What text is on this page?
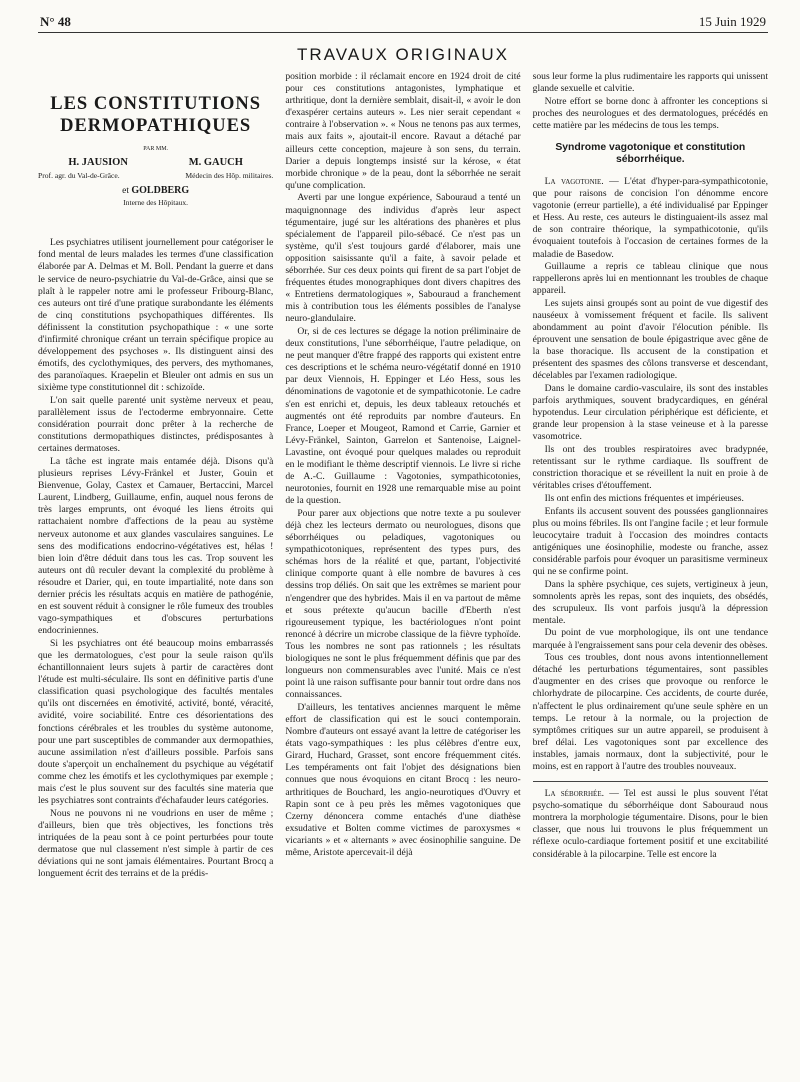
N° 48	15 Juin 1929
TRAVAUX ORIGINAUX
LES CONSTITUTIONS
DERMOPATHIQUES
PAR MM.
H. JAUSION	M. GAUCH
Prof. agr. du Val-de-Grâce.	Médecin des Hôp. militaires.
et GOLDBERG
Interne des Hôpitaux.

Les psychiatres utilisent journellement pour catégoriser le fond mental de leurs malades les termes d'une classification élaborée par A. Delmas et M. Boll. Pendant la guerre et dans le service de neuro-psychiatrie du Val-de-Grâce, ainsi que se plaît à le rappeler notre ami le professeur Fribourg-Blanc, ces auteurs ont tiré d'une pratique surabondante les éléments de cinq constitutions psychopathiques différentes. Ils définissent la constitution psychopathique : « une sorte d'infirmité chronique créant un terrain spécifique propice au développement des psychoses ». Ils distinguent ainsi des émotifs, des cyclothymiques, des pervers, des mythomanes, des paranoïaques. Kraepelin et Bleuler ont admis en sus un sixième type constitutionnel dit : schizoïde.

L'on sait quelle parenté unit système nerveux et peau, parallèlement issus de l'ectoderme embryonnaire. Cette considération pourrait donc prêter à la recherche de constitutions dermopathiques distinctes, prédisposantes à certaines dermatoses.

La tâche est ingrate mais entamée déjà. Disons qu'à plusieurs reprises Lévy-Fränkel et Juster, Gouin et Bienvenue, Golay, Castex et Camauer, Bertaccini, Marcel Laurent, Lindberg, Guillaume, enfin, auquel nous ferons de très larges emprunts, ont évoqué les liens étroits qui rattachaient nombre d'affections de la peau au système nerveux autonome et aux glandes vasculaires sanguines. Le sens des modifications endocrino-végétatives est, hélas ! bien loin d'être déduit dans tous les cas. Trop souvent les auteurs ont dû reculer devant la complexité du problème à résoudre et Darier, qui, en toute impartialité, note dans son dernier précis les résultats acquis en matière de pathogénie, en est souvent réduit à consigner le rôle fumeux des troubles vago-sympathiques et d'obscures perturbations endocriniennes.

Si les psychiatres ont été beaucoup moins embarrassés que les dermatologues, c'est pour la seule raison qu'ils échantillonnaient leurs sujets à partir de caractères dont l'étude est multi-séculaire. Ils sont en définitive partis d'une classification quasi psychologique des facultés mentales qu'ils ont discernées en émotivité, activité, bonté, véracité, avidité, voire sociabilité. Entre ces désorientations des fonctions cérébrales et les troubles du système autonome, pour une part susceptibles de commander aux dermopathies, aucune assimilation n'est d'ailleurs possible. Parfois sans doute s'aperçoit un enchaînement du psychique au végétatif comme chez les émotifs et les cyclothymiques par exemple ; mais c'est le plus souvent sur des facultés sine materia que les psychiatres sont contraints d'échafauder leurs catégories.

Nous ne pouvons ni ne voudrions en user de même ; d'ailleurs, bien que très objectives, les fonctions très intriquées de la peau sont à ce point perturbées pour toute dermatose que nul classement n'est simple à partir de ces déviations qui ne sont jamais élémentaires. Pourtant Brocq a longuement écrit des terrains et de la prédis-

position morbide : il réclamait encore en 1924 droit de cité pour ces constitutions antagonistes, lymphatique et arthritique, dont la dernière semblait, disait-il, « avoir le don d'exaspérer certains auteurs ». Les nier serait cependant « contraire à l'observation ». « Nous ne tenons pas aux termes, mais aux faits », ajoutait-il encore. Ravaut a détaché par ailleurs cette conception, majeure à son sens, du terrain. Darier a depuis longtemps insisté sur la kérose, « état morbide chronique » de la peau, dont la séborrhée ne serait qu'une complication.

Averti par une longue expérience, Sabouraud a tenté un maquignonnage des individus d'après leur aspect tégumentaire, jugé sur les altérations des phanères et plus spécialement de l'appareil pilo-sébacé. Ce n'est pas un système, qu'il s'est toujours gardé d'élaborer, mais une opposition saisissante qu'il a faite, à savoir pelade et séborrhée. Sur ces deux points qui firent de sa part l'objet de fréquentes études monographiques dont divers chapitres des « Entretiens dermatologiques », Sabouraud a franchement mis à contribution tous les éléments possibles de l'analyse neuro-glandulaire.

Or, si de ces lectures se dégage la notion préliminaire de deux constitutions, l'une séborrhéique, l'autre peladique, on ne peut manquer d'être frappé des rapports qui existent entre ces descriptions et le schéma neuro-végétatif donné en 1910 par deux Viennois, H. Eppinger et Léo Hess, sous les dénominations de vagotonie et de sympathicotonie. Le cadre s'en est enrichi et, depuis, les deux tableaux retouchés et augmentés ont été reproduits par nombre d'auteurs. En France, Loeper et Mougeot, Ramond et Carrie, Garnier et Lévy-Fränkel, Sainton, Garrelon et Santenoise, Laignel-Lavastine, ont évoqué pour quelques malades ou reproduit en le modifiant le thème descriptif viennois. Le livre si riche de A.-C. Guillaume : Vagotonies, sympathicotonies, neurotonies, fournit en 1928 une remarquable mise au point de la question.

Pour parer aux objections que notre texte a pu soulever déjà chez les lecteurs dermato ou neurologues, disons que séborrhéiques ou peladiques, vagotoniques ou sympathicotoniques, représentent des types purs, des schémas hors de la réalité et que, partant, l'objectivité clinique comporte quant à elle nombre de bavures à ces dessins trop déliés. On sait que les extrêmes se marient pour n'engendrer que des hybrides. Mais il en va partout de même et sous prétexte qu'aucun bacille d'Eberth n'est rigoureusement typique, les bactériologues n'ont point renoncé à décrire un microbe classique de la fièvre typhoïde. Tous les nombres ne sont pas rationnels ; les résultats biologiques ne sont le plus fréquemment définis que par des longueurs non commensurables avec l'unité. Mais ce n'est point là une raison suffisante pour bannir tout ordre dans nos connaissances.

D'ailleurs, les tentatives anciennes marquent le même effort de classification qui est le souci contemporain. Nombre d'auteurs ont essayé avant la lettre de catégoriser les états vago-sympathiques : les plus célèbres d'entre eux, Girard, Huchard, Grasset, sont encore fréquemment cités. Les tempéraments ont fait l'objet des désignations bien connues que nous évoquions en citant Brocq : les neuro-arthritiques de Bouchard, les angio-neurotiques d'Ouvry et Rapin sont ce à peu près les mêmes vagotoniques que Czerny dénoncera comme entachés d'une diathèse exsudative et Bolten comme victimes de paroxysmes « vicariants » et « alternants » avec éosinophilie sanguine. De même, Aristote apercevait-il déjà

sous leur forme la plus rudimentaire les rapports qui unissent glande sexuelle et calvitie.

Notre effort se borne donc à affronter les conceptions si proches des neurologues et des dermatologues, précédés en cette matière par les médecins de tous les temps.

Syndrome vagotonique et constitution
séborrhéique.

La vagotonie. — L'état d'hyper-para-sympathicotonie, que pour raisons de concision l'on dénomme encore vagotonie (erreur partielle), a été individualisé par Eppinger et Hess. Au reste, ces auteurs le distinguaient-ils assez mal de son contraire théorique, la sympathicotonie, qu'ils évoquaient toutefois à l'occasion de certaines formes de la maladie de Basedow.

Guillaume a repris ce tableau clinique que nous rappellerons après lui en mentionnant les troubles de chaque appareil.

Les sujets ainsi groupés sont au point de vue digestif des nauséeux à vomissement fréquent et facile. Ils salivent abondamment au point d'avoir l'élocution pénible. Ils éprouvent une sensation de boule épigastrique avec gêne de la base thoracique. Ils accusent de la constipation et présentent des spasmes des côlons transverse et descendant, décelables par l'examen radiologique.

Dans le domaine cardio-vasculaire, ils sont des instables parfois arythmiques, souvent bradycardiques, en général hypotendus. Leur circulation périphérique est déficiente, et grande leur propension à la stase veineuse et à la paresse vasomotrice.

Ils ont des troubles respiratoires avec bradypnée, retentissant sur le rythme cardiaque. Ils souffrent de constriction thoracique et se réveillent la nuit en proie à de véritables crises d'étouffement.

Ils ont enfin des mictions fréquentes et impérieuses.

Enfants ils accusent souvent des poussées ganglionnaires plus ou moins fébriles. Ils ont l'angine facile ; et leur formule leucocytaire traduit à l'occasion des moindres contacts antigéniques une éosinophilie, modeste ou franche, assez considérable parfois pour évoquer un parasitisme vermineux qui ne se confirme point.

Dans la sphère psychique, ces sujets, vertigineux à jeun, somnolents après les repas, sont des inquiets, des obsédés, des scrupuleux. Ils vont parfois jusqu'à la dépression mentale.

Du point de vue morphologique, ils ont une tendance marquée à l'engraissement sans pour cela devenir des obèses.

Tous ces troubles, dont nous avons intentionnellement détaché les perturbations tégumentaires, sont passibles d'augmenter en des crises que provoque ou renforce le chlorhydrate de pilocarpine. Ces accidents, de courte durée, n'affectent le plus ordinairement qu'une seule sphère en un temps. Le retour à la normale, ou la projection de symptômes critiques sur un autre appareil, se produisent à bref délai. Les vagotoniques sont par excellence des instables, jamais normaux, dont la subjectivité, pour le moins, est en rapport à l'autre des troubles nouveaux.

La séborrhée. — Tel est aussi le plus souvent l'état psycho-somatique du séborrhéique dont Sabouraud nous montrera la morphologie tégumentaire. Disons, pour le bien classer, que nous lui trouvons le plus fréquemment un réflexe oculo-cardiaque fortement positif et une excitabilité considérable à la pilocarpine. Telle est encore la
